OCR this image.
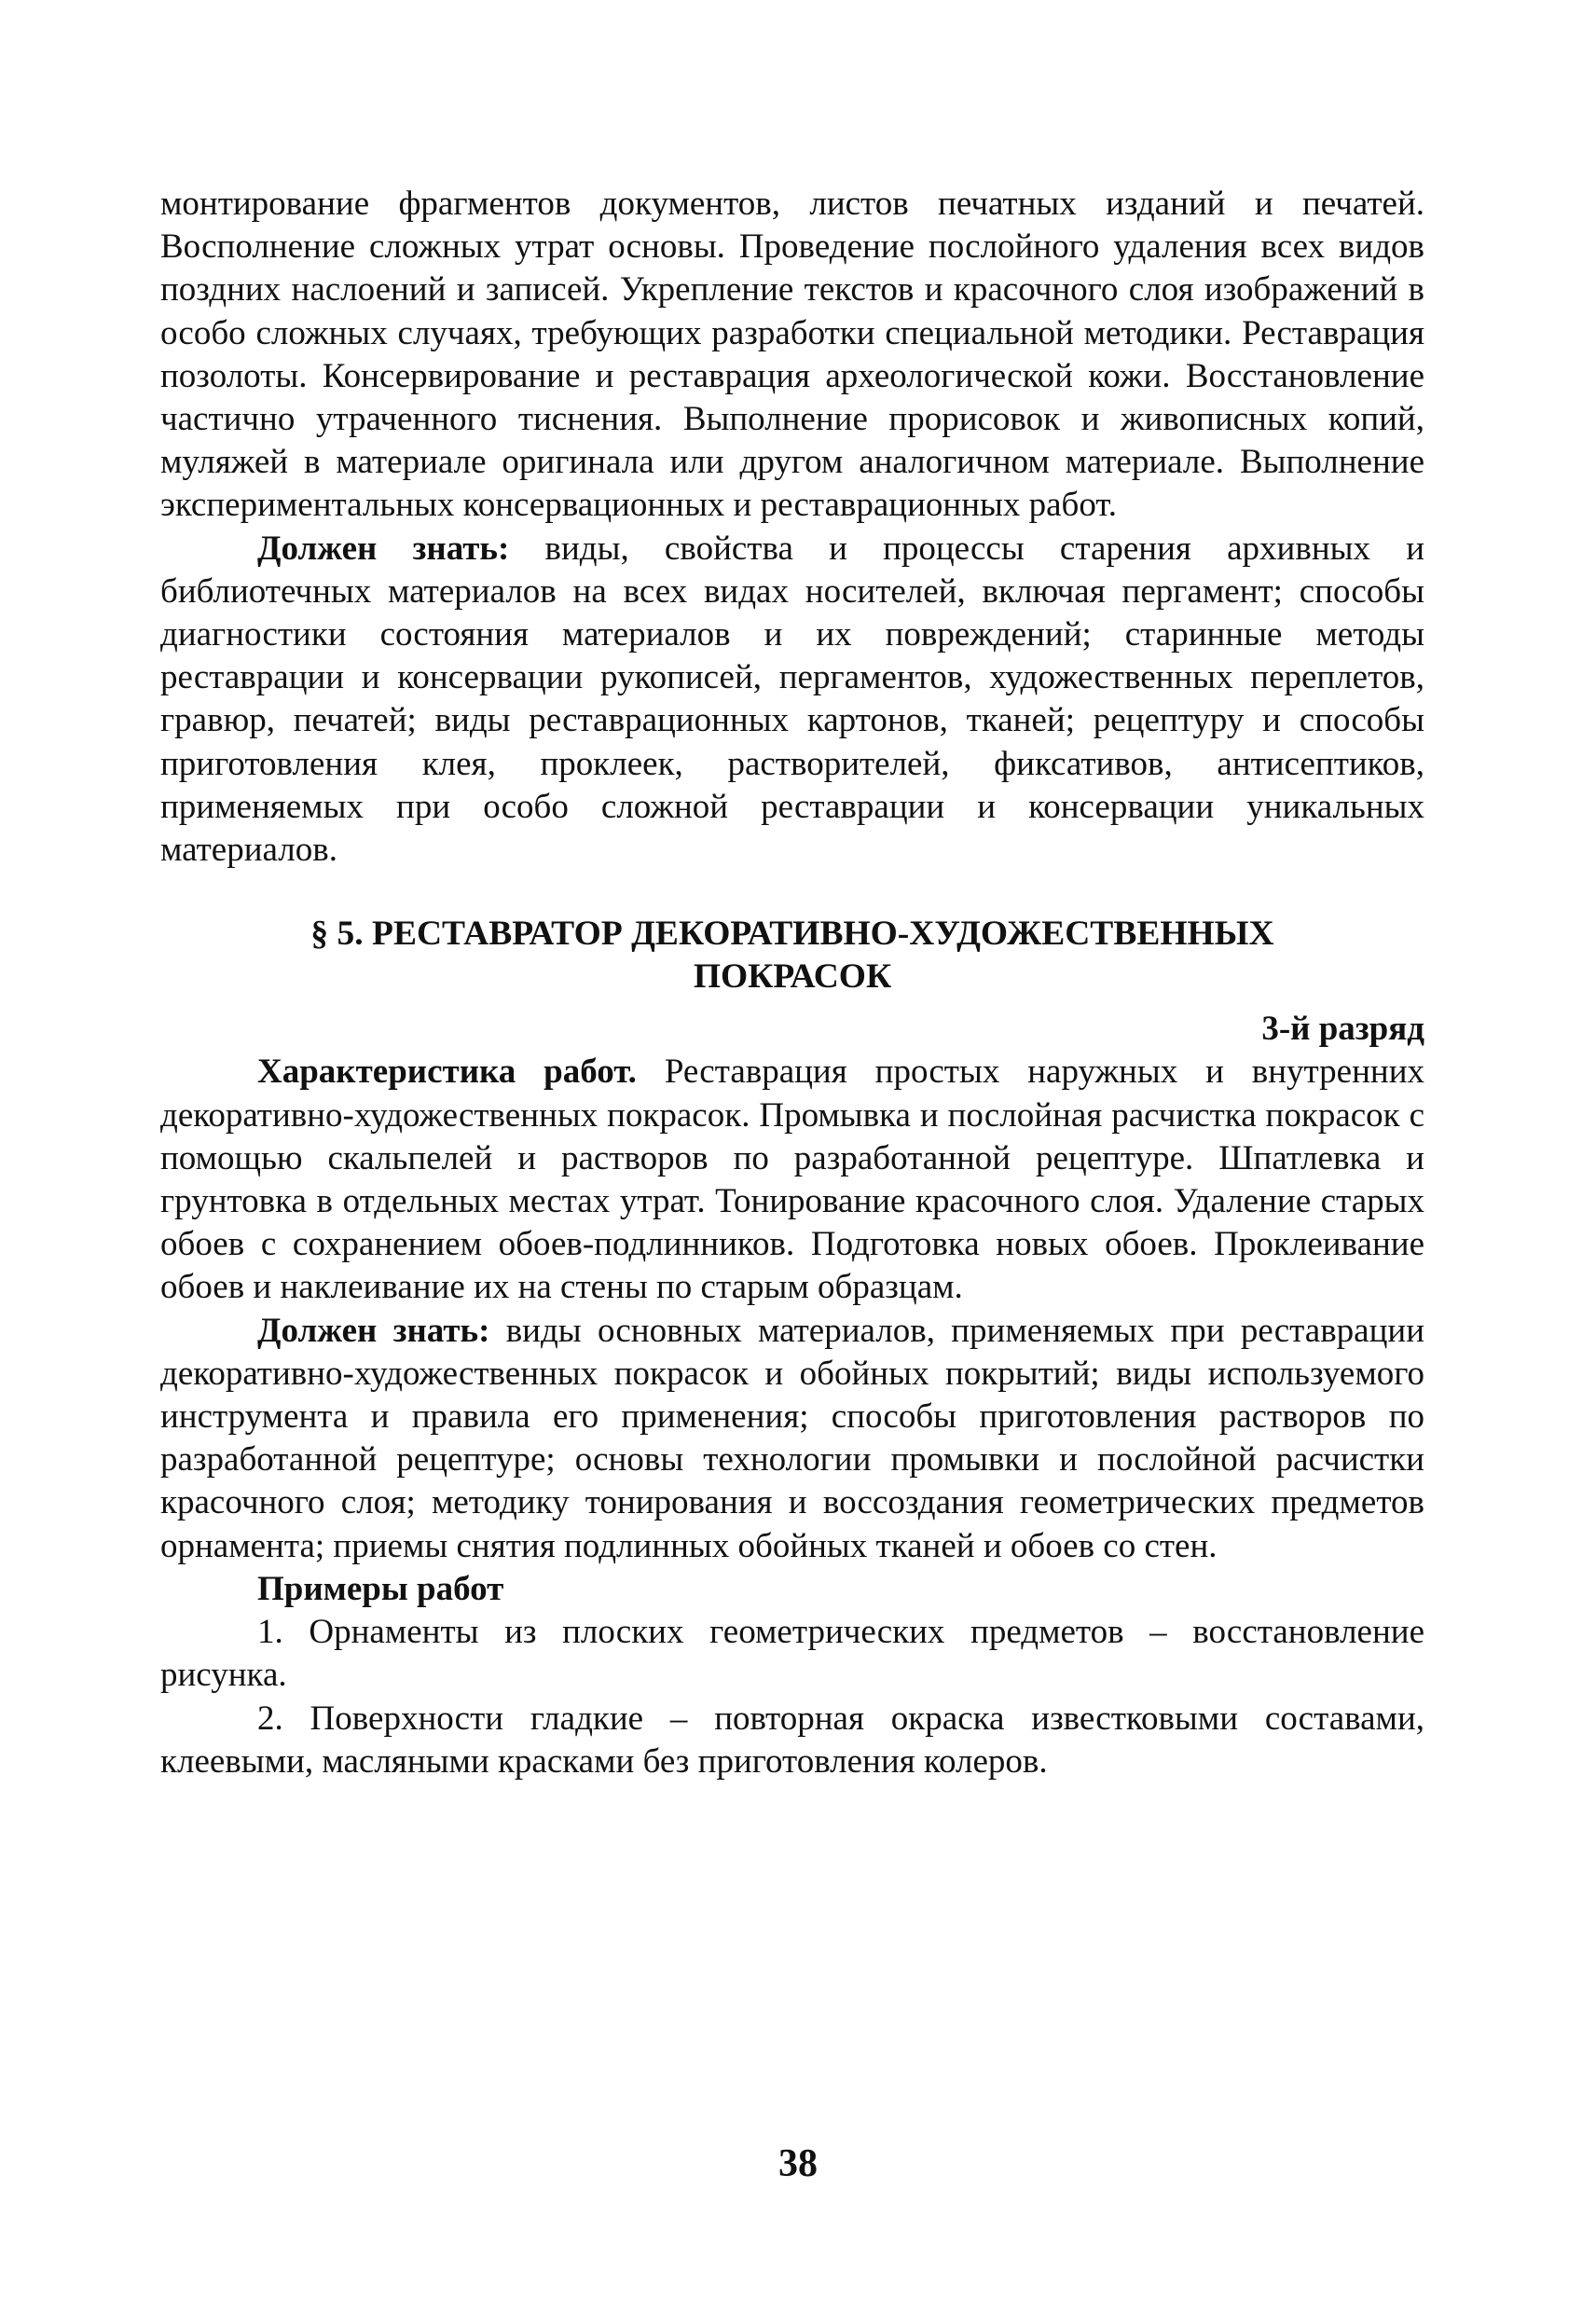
монтирование фрагментов документов, листов печатных изданий и печатей. Восполнение сложных утрат основы. Проведение послойного удаления всех видов поздних наслоений и записей. Укрепление текстов и красочного слоя изображений в особо сложных случаях, требующих разработки специальной методики. Реставрация позолоты. Консервирование и реставрация археологической кожи. Восстановление частично утраченного тиснения. Выполнение прорисовок и живописных копий, муляжей в материале оригинала или другом аналогичном материале. Выполнение экспериментальных консервационных и реставрационных работ.

Должен знать: виды, свойства и процессы старения архивных и библиотечных материалов на всех видах носителей, включая пергамент; способы диагностики состояния материалов и их повреждений; старинные методы реставрации и консервации рукописей, пергаментов, художественных переплетов, гравюр, печатей; виды реставрационных картонов, тканей; рецептуру и способы приготовления клея, проклеек, растворителей, фиксативов, антисептиков, применяемых при особо сложной реставрации и консервации уникальных материалов.

§ 5. РЕСТАВРАТОР ДЕКОРАТИВНО-ХУДОЖЕСТВЕННЫХ
ПОКРАСОК
3-й разряд

Характеристика работ. Реставрация простых наружных и внутренних декоративно-художественных покрасок. Промывка и послойная расчистка покрасок с помощью скальпелей и растворов по разработанной рецептуре. Шпатлевка и грунтовка в отдельных местах утрат. Тонирование красочного слоя. Удаление старых обоев с сохранением обоев-подлинников. Подготовка новых обоев. Проклеивание обоев и наклеивание их на стены по старым образцам.

Должен знать: виды основных материалов, применяемых при реставрации декоративно-художественных покрасок и обойных покрытий; виды используемого инструмента и правила его применения; способы приготовления растворов по разработанной рецептуре; основы технологии промывки и послойной расчистки красочного слоя; методику тонирования и воссоздания геометрических предметов орнамента; приемы снятия подлинных обойных тканей и обоев со стен.

Примеры работ

1. Орнаменты из плоских геометрических предметов – восстановление рисунка.

2. Поверхности гладкие – повторная окраска известковыми составами, клеевыми, масляными красками без приготовления колеров.

38
